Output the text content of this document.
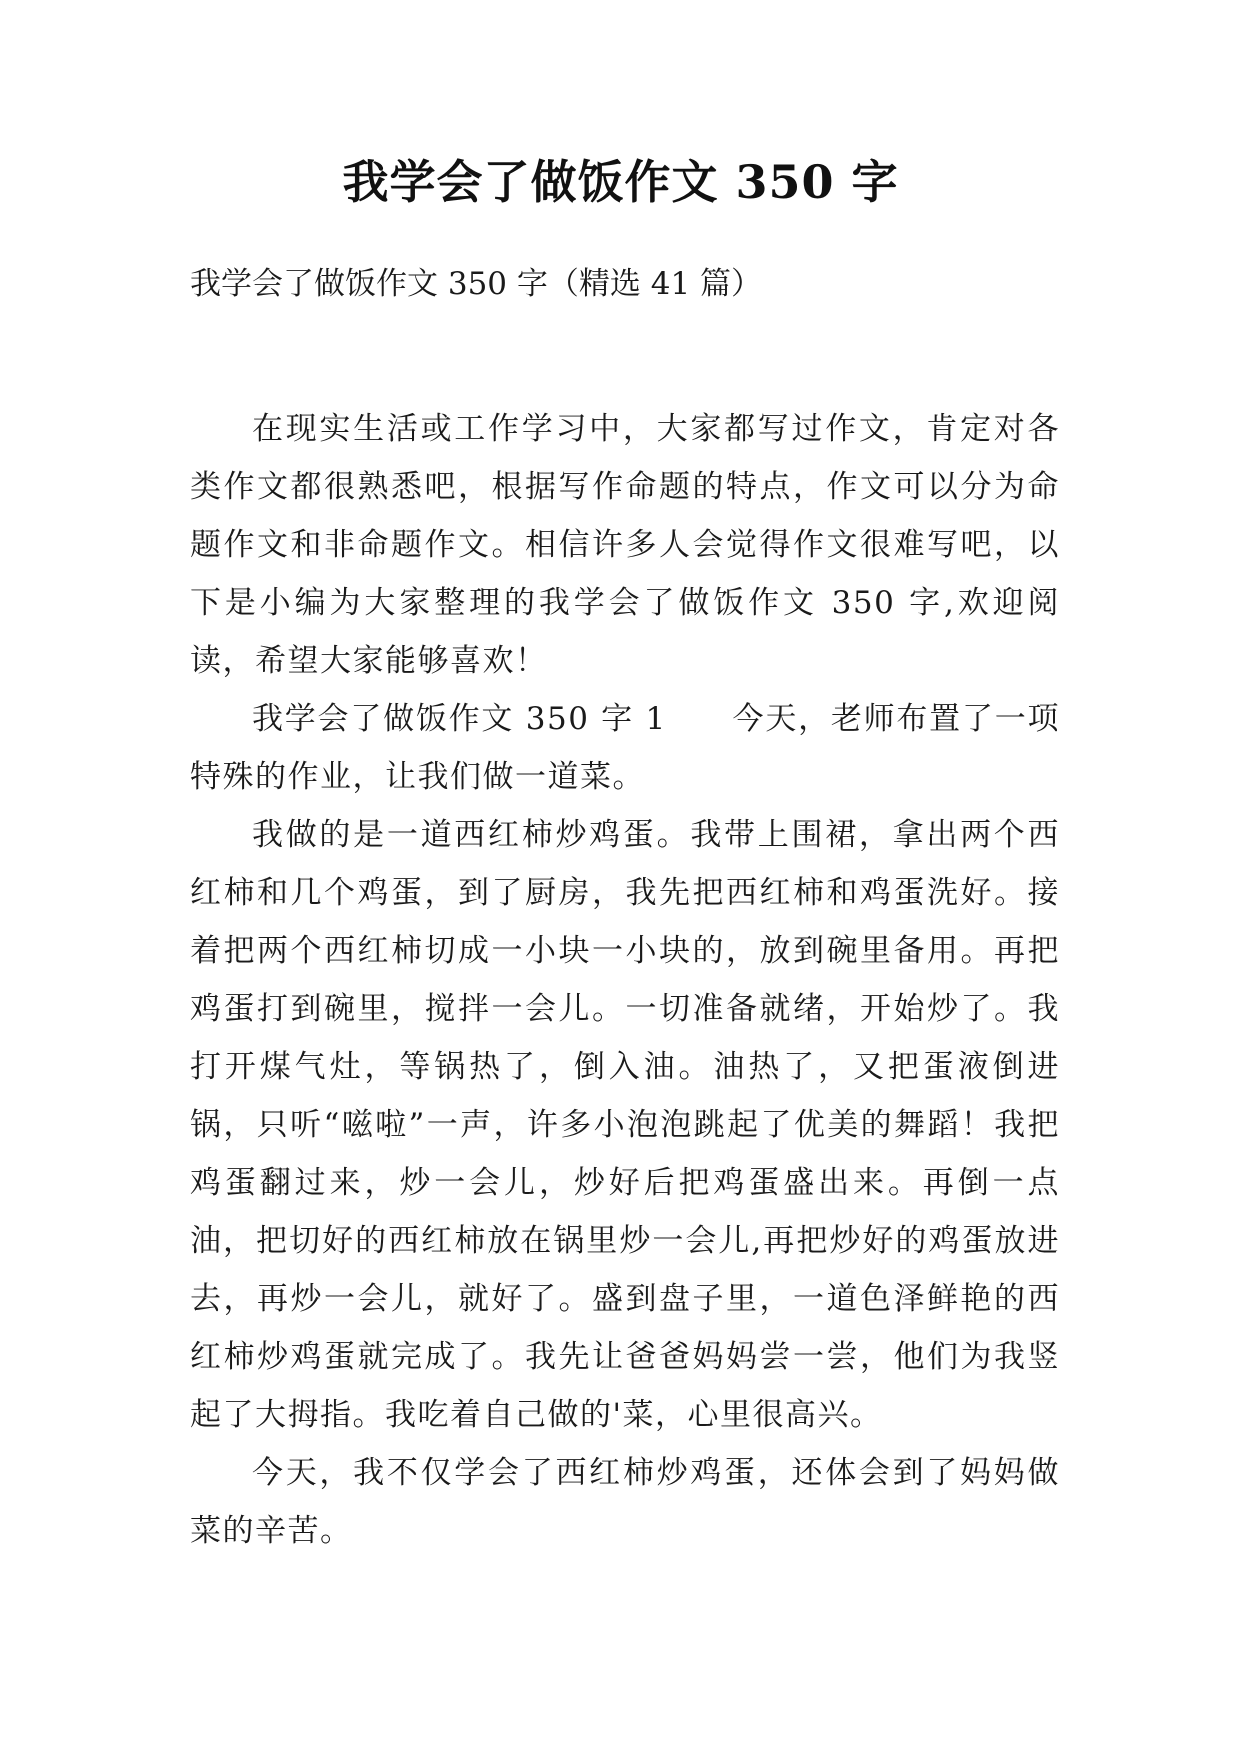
我学会了做饭作文 350 字
我学会了做饭作文 350 字（精选 41 篇）

在现实生活或工作学习中，大家都写过作文，肯定对各类作文都很熟悉吧，根据写作命题的特点，作文可以分为命题作文和非命题作文。相信许多人会觉得作文很难写吧，以下是小编为大家整理的我学会了做饭作文 350 字,欢迎阅读，希望大家能够喜欢！

我学会了做饭作文 350 字 1　　今天，老师布置了一项特殊的作业，让我们做一道菜。

我做的是一道西红柿炒鸡蛋。我带上围裙，拿出两个西红柿和几个鸡蛋，到了厨房，我先把西红柿和鸡蛋洗好。接着把两个西红柿切成一小块一小块的，放到碗里备用。再把鸡蛋打到碗里，搅拌一会儿。一切准备就绪，开始炒了。我打开煤气灶，等锅热了，倒入油。油热了，又把蛋液倒进锅，只听“嗞啦”一声，许多小泡泡跳起了优美的舞蹈！我把鸡蛋翻过来，炒一会儿，炒好后把鸡蛋盛出来。再倒一点油，把切好的西红柿放在锅里炒一会儿,再把炒好的鸡蛋放进去，再炒一会儿，就好了。盛到盘子里，一道色泽鲜艳的西红柿炒鸡蛋就完成了。我先让爸爸妈妈尝一尝，他们为我竖起了大拇指。我吃着自己做的'菜，心里很高兴。

今天，我不仅学会了西红柿炒鸡蛋，还体会到了妈妈做菜的辛苦。
